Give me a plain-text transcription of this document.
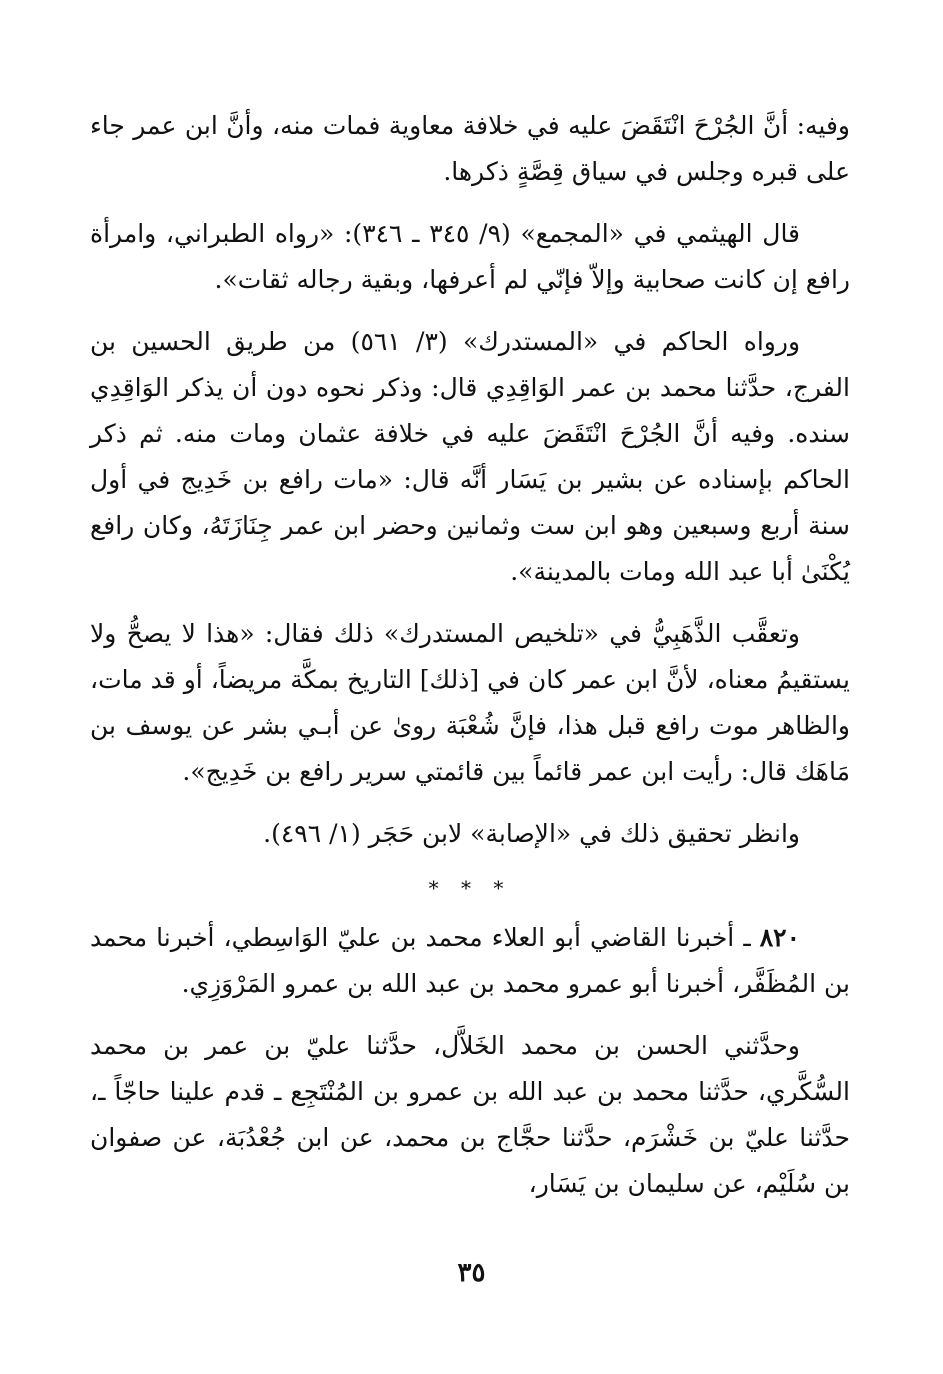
وفيه: أنَّ الجُرْحَ انْتَقَضَ عليه في خلافة معاوية فمات منه، وأنَّ ابن عمر جاء على قبره وجلس في سياق قِصَّةٍ ذكرها.

قال الهيثمي في «المجمع» (٩/ ٣٤٥ ـ ٣٤٦): «رواه الطبراني، وامرأة رافع إن كانت صحابية وإلاّ فإنّي لم أعرفها، وبقية رجاله ثقات».

ورواه الحاكم في «المستدرك» (٣/ ٥٦١) من طريق الحسين بن الفرج، حدَّثنا محمد بن عمر الوَاقِدِي قال: وذكر نحوه دون أن يذكر الوَاقِدِي سنده. وفيه أنَّ الجُرْحَ انْتَقَضَ عليه في خلافة عثمان ومات منه. ثم ذكر الحاكم بإسناده عن بشير بن يَسَار أنَّه قال: «مات رافع بن خَدِيج في أول سنة أربع وسبعين وهو ابن ست وثمانين وحضر ابن عمر جِنَازَتَهُ، وكان رافع يُكْنَىٰ أبا عبد الله ومات بالمدينة».

وتعقَّب الذَّهَبِيُّ في «تلخيص المستدرك» ذلك فقال: «هذا لا يصحُّ ولا يستقيمُ معناه، لأنَّ ابن عمر كان في [ذلك] التاريخ بمكَّة مريضاً، أو قد مات، والظاهر موت رافع قبل هذا، فإنَّ شُعْبَة روىٰ عن أبـي بشر عن يوسف بن مَاهَك قال: رأيت ابن عمر قائماً بين قائمتي سرير رافع بن خَدِيج».

وانظر تحقيق ذلك في «الإصابة» لابن حَجَر (١/ ٤٩٦).

* * *

٨٢٠ ـ أخبرنا القاضي أبو العلاء محمد بن عليّ الوَاسِطي، أخبرنا محمد بن المُظَفَّر، أخبرنا أبو عمرو محمد بن عبد الله بن عمرو المَرْوَزِي.

وحدَّثني الحسن بن محمد الخَلاَّل، حدَّثنا عليّ بن عمر بن محمد السُّكَّري، حدَّثنا محمد بن عبد الله بن عمرو بن المُنْتَجِع ـ قدم علينا حاجّاً ـ، حدَّثنا عليّ بن خَشْرَم، حدَّثنا حجَّاج بن محمد، عن ابن جُعْدُبَة، عن صفوان بن سُلَيْم، عن سليمان بن يَسَار،

٣٥
